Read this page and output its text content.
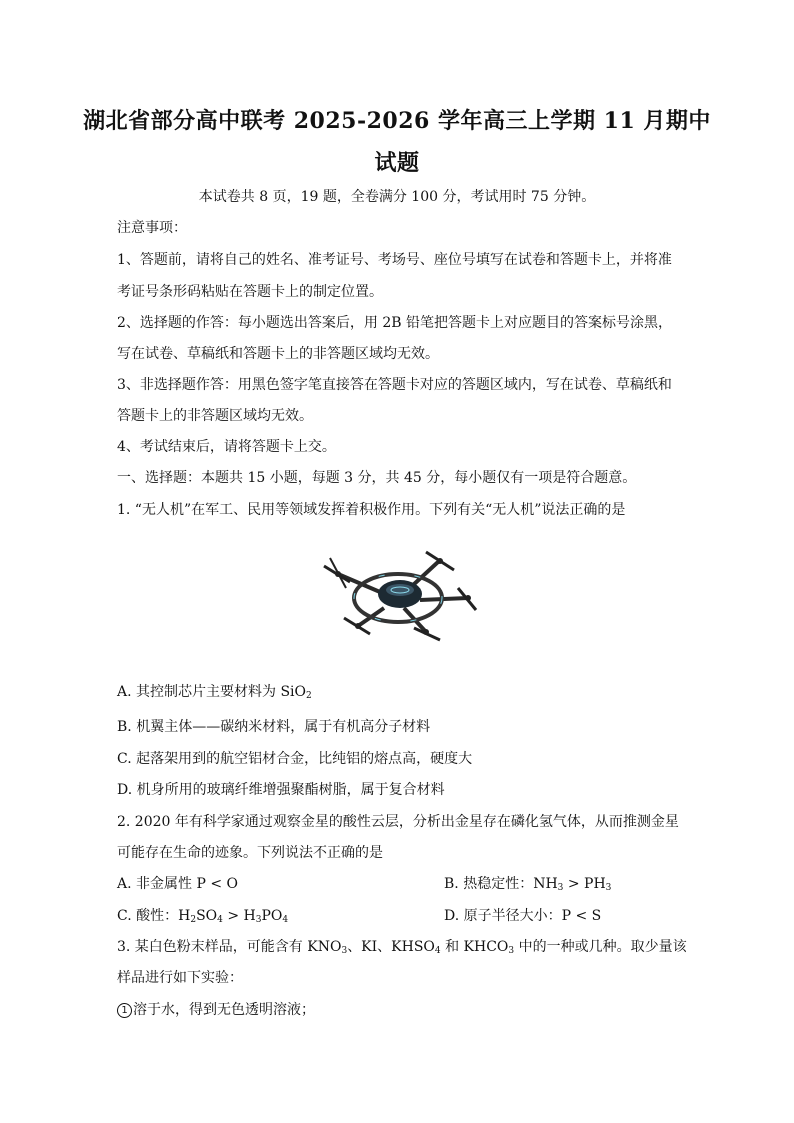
湖北省部分高中联考 2025-2026 学年高三上学期 11 月期中
试题
本试卷共 8 页，19 题，全卷满分 100 分，考试用时 75 分钟。
注意事项：
1、答题前，请将自己的姓名、准考证号、考场号、座位号填写在试卷和答题卡上，并将准
考证号条形码粘贴在答题卡上的制定位置。
2、选择题的作答：每小题选出答案后，用 2B 铅笔把答题卡上对应题目的答案标号涂黑，
写在试卷、草稿纸和答题卡上的非答题区域均无效。
3、非选择题作答：用黑色签字笔直接答在答题卡对应的答题区域内，写在试卷、草稿纸和
答题卡上的非答题区域均无效。
4、考试结束后，请将答题卡上交。
一、选择题：本题共 15 小题，每题 3 分，共 45 分，每小题仅有一项是符合题意。
1. “无人机”在军工、民用等领域发挥着积极作用。下列有关“无人机”说法正确的是
A. 其控制芯片主要材料为 SiO$_2$
B. 机翼主体——碳纳米材料，属于有机高分子材料
C. 起落架用到的航空铝材合金，比纯铝的熔点高，硬度大
D. 机身所用的玻璃纤维增强聚酯树脂，属于复合材料
2. 2020 年有科学家通过观察金星的酸性云层，分析出金星存在磷化氢气体，从而推测金星
可能存在生命的迹象。下列说法不正确的是
A. 非金属性 P < O	B. 热稳定性：$NH_3 > PH_3$
C. 酸性：$H_2SO_4 > H_3PO_4$	D. 原子半径大小：P < S
3. 某白色粉末样品，可能含有 $KNO_3$、KI、$KHSO_4$ 和 $KHCO_3$ 中的一种或几种。取少量该
样品进行如下实验：
1 溶于水，得到无色透明溶液；
